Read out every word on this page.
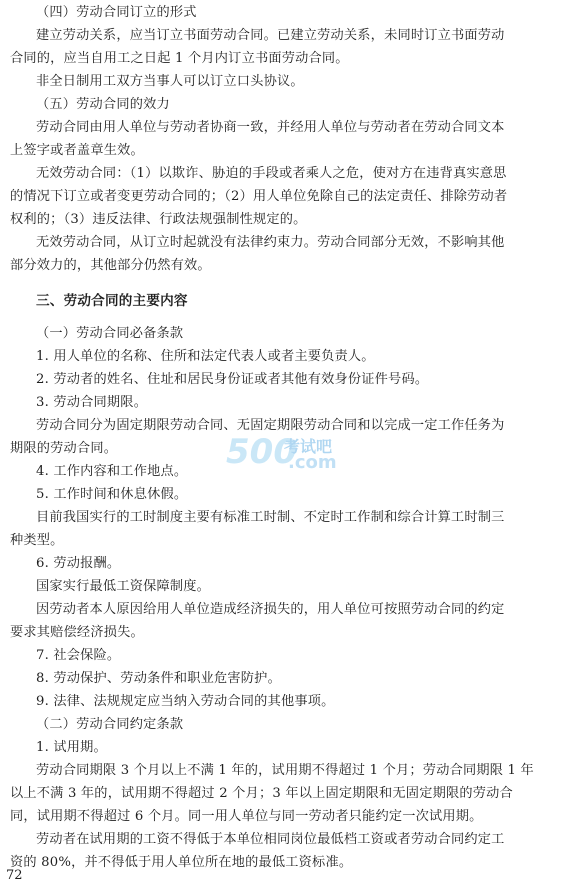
（四）劳动合同订立的形式
建立劳动关系，应当订立书面劳动合同。已建立劳动关系，未同时订立书面劳动
合同的，应当自用工之日起 1 个月内订立书面劳动合同。
非全日制用工双方当事人可以订立口头协议。
（五）劳动合同的效力
劳动合同由用人单位与劳动者协商一致，并经用人单位与劳动者在劳动合同文本
上签字或者盖章生效。
无效劳动合同：（1）以欺诈、胁迫的手段或者乘人之危，使对方在违背真实意思
的情况下订立或者变更劳动合同的；（2）用人单位免除自己的法定责任、排除劳动者
权利的；（3）违反法律、行政法规强制性规定的。
无效劳动合同，从订立时起就没有法律约束力。劳动合同部分无效，不影响其他
部分效力的，其他部分仍然有效。
三、劳动合同的主要内容
（一）劳动合同必备条款
1. 用人单位的名称、住所和法定代表人或者主要负责人。
2. 劳动者的姓名、住址和居民身份证或者其他有效身份证件号码。
3. 劳动合同期限。
劳动合同分为固定期限劳动合同、无固定期限劳动合同和以完成一定工作任务为
期限的劳动合同。
4. 工作内容和工作地点。
5. 工作时间和休息休假。
目前我国实行的工时制度主要有标准工时制、不定时工作制和综合计算工时制三
种类型。
6. 劳动报酬。
国家实行最低工资保障制度。
因劳动者本人原因给用人单位造成经济损失的，用人单位可按照劳动合同的约定
要求其赔偿经济损失。
7. 社会保险。
8. 劳动保护、劳动条件和职业危害防护。
9. 法律、法规规定应当纳入劳动合同的其他事项。
（二）劳动合同约定条款
1. 试用期。
劳动合同期限 3 个月以上不满 1 年的，试用期不得超过 1 个月；劳动合同期限 1 年
以上不满 3 年的，试用期不得超过 2 个月；3 年以上固定期限和无固定期限的劳动合
同，试用期不得超过 6 个月。同一用人单位与同一劳动者只能约定一次试用期。
劳动者在试用期的工资不得低于本单位相同岗位最低档工资或者劳动合同约定工
资的 80%，并不得低于用人单位所在地的最低工资标准。
500
考试吧
.com
72
